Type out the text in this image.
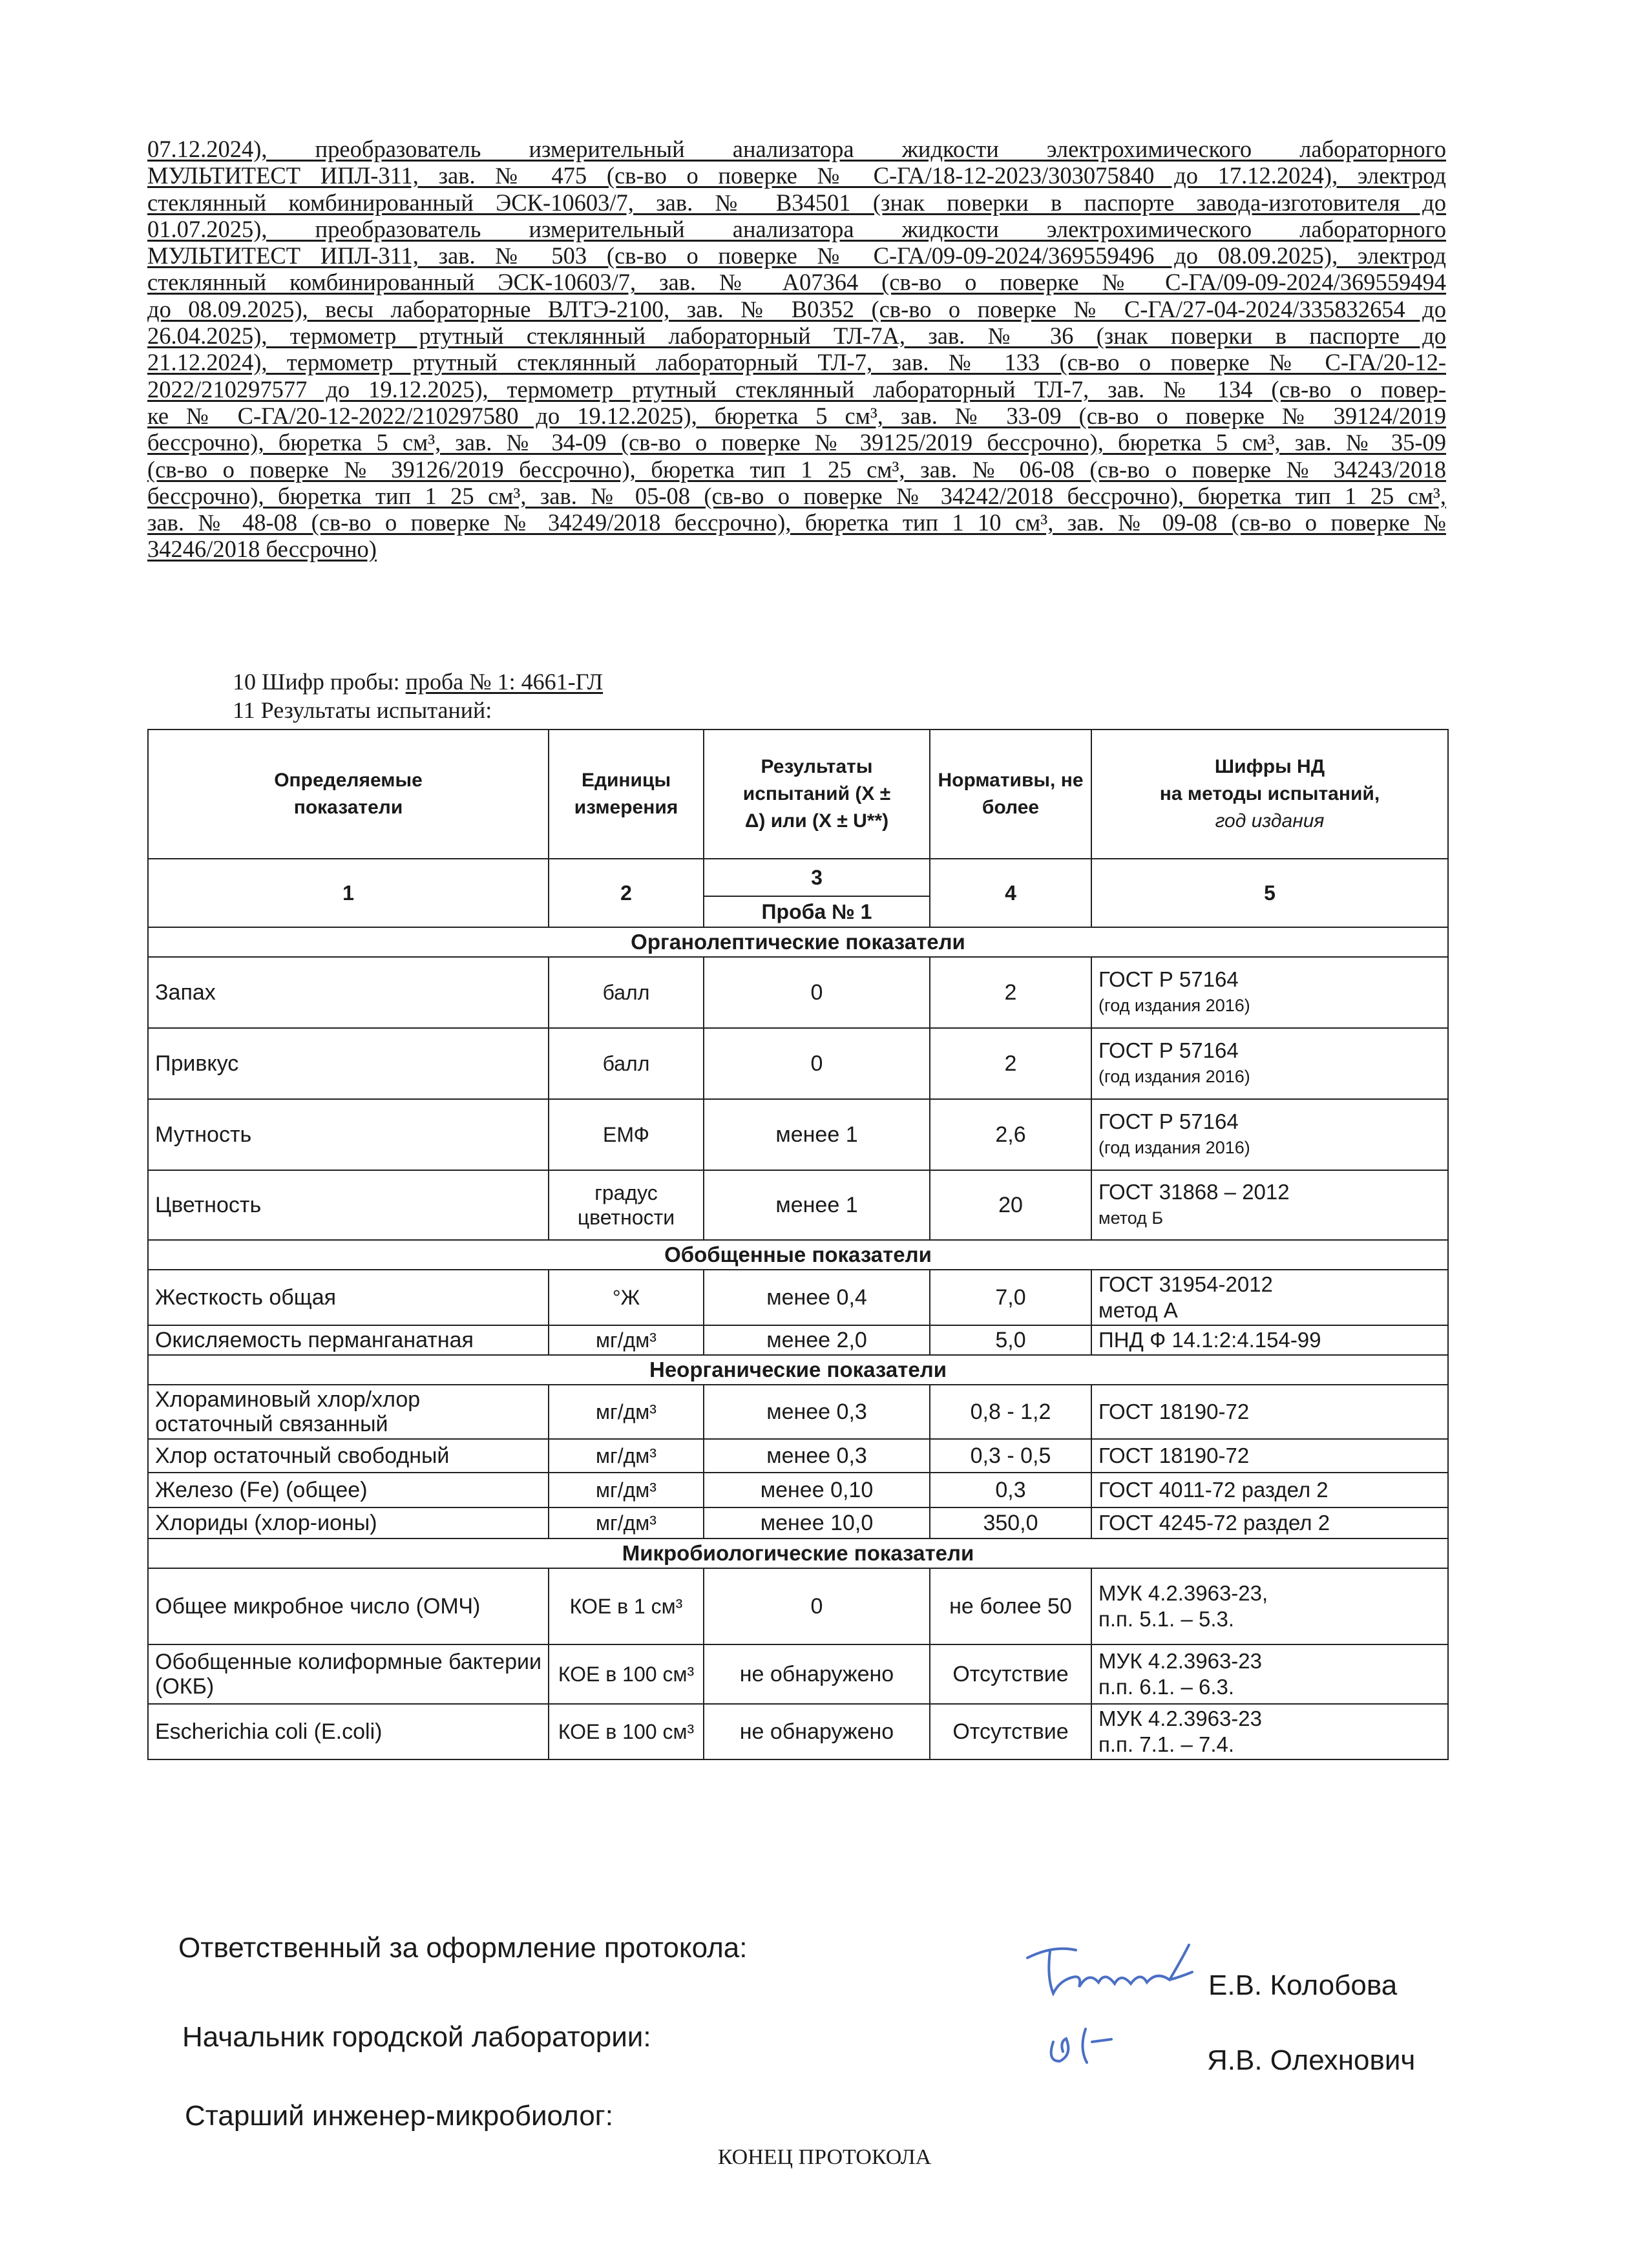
07.12.2024), преобразователь измерительный анализатора жидкости электрохимического лабораторного
МУЛЬТИТЕСТ ИПЛ-311, зав. № 475 (св-во о поверке № С-ГА/18-12-2023/303075840 до 17.12.2024), электрод
стеклянный комбинированный ЭСК-10603/7, зав. № В34501 (знак поверки в паспорте завода-изготовителя до
01.07.2025), преобразователь измерительный анализатора жидкости электрохимического лабораторного
МУЛЬТИТЕСТ ИПЛ-311, зав. № 503 (св-во о поверке № С-ГА/09-09-2024/369559496 до 08.09.2025), электрод
стеклянный комбинированный ЭСК-10603/7, зав. № А07364 (св-во о поверке № С-ГА/09-09-2024/369559494
до 08.09.2025), весы лабораторные ВЛТЭ-2100, зав. № В0352 (св-во о поверке № С-ГА/27-04-2024/335832654 до
26.04.2025), термометр ртутный стеклянный лабораторный ТЛ-7А, зав. № 36 (знак поверки в паспорте до
21.12.2024), термометр ртутный стеклянный лабораторный ТЛ-7, зав. № 133 (св-во о поверке № С-ГА/20-12-
2022/210297577 до 19.12.2025), термометр ртутный стеклянный лабораторный ТЛ-7, зав. № 134 (св-во о повер-
ке № С-ГА/20-12-2022/210297580 до 19.12.2025), бюретка 5 см³, зав. № 33-09 (св-во о поверке № 39124/2019
бессрочно), бюретка 5 см³, зав. № 34-09 (св-во о поверке № 39125/2019 бессрочно), бюретка 5 см³, зав. № 35-09
(св-во о поверке № 39126/2019 бессрочно), бюретка тип 1 25 см³, зав. № 06-08 (св-во о поверке № 34243/2018
бессрочно), бюретка тип 1 25 см³, зав. № 05-08 (св-во о поверке № 34242/2018 бессрочно), бюретка тип 1 25 см³,
зав. № 48-08 (св-во о поверке № 34249/2018 бессрочно), бюретка тип 1 10 см³, зав. № 09-08 (св-во о поверке №
34246/2018 бессрочно)
10 Шифр пробы: проба № 1: 4661-ГЛ
11 Результаты испытаний:
Определяемые показатели	Единицы измерения	Результаты испытаний (X ± Δ) или (X ± U**)	Нормативы, не более	Шифры НД
на методы испытаний,
год издания

1	2	3	4	5
		Проба № 1		
Органолептические показатели				
Запах	балл	0	2	ГОСТ Р 57164
(год издания 2016)

Привкус	балл	0	2	ГОСТ Р 57164
(год издания 2016)

Мутность	ЕМФ	менее 1	2,6	ГОСТ Р 57164
(год издания 2016)

Цветность	градус цветности	менее 1	20	ГОСТ 31868 – 2012
метод Б

Обобщенные показатели				
Жесткость общая	°Ж	менее 0,4	7,0	ГОСТ 31954-2012
метод А

Окисляемость перманганатная	мг/дм³	менее 2,0	5,0	ПНД Ф 14.1:2:4.154-99

Неорганические показатели				
Хлораминовый хлор/хлор остаточный связанный	мг/дм³	менее 0,3	0,8 - 1,2	ГОСТ 18190-72

Хлор остаточный свободный	мг/дм³	менее 0,3	0,3 - 0,5	ГОСТ 18190-72

Железо (Fe) (общее)	мг/дм³	менее 0,10	0,3	ГОСТ 4011-72 раздел 2

Хлориды (хлор-ионы)	мг/дм³	менее 10,0	350,0	ГОСТ 4245-72 раздел 2

Микробиологические показатели				
Общее микробное число (ОМЧ)	КОЕ в 1 см³	0	не более 50	МУК 4.2.3963-23,
п.п. 5.1. – 5.3.

Обобщенные колиформные бактерии (ОКБ)	КОЕ в 100 см³	не обнаружено	Отсутствие	МУК 4.2.3963-23
п.п. 6.1. – 6.3.

Escherichia coli (E.coli)	КОЕ в 100 см³	не обнаружено	Отсутствие	МУК 4.2.3963-23
п.п. 7.1. – 7.4.
Ответственный за оформление протокола:
Начальник городской лаборатории:
Старший инженер-микробиолог:
Е.В. Колобова
Я.В. Олехнович
КОНЕЦ ПРОТОКОЛА
